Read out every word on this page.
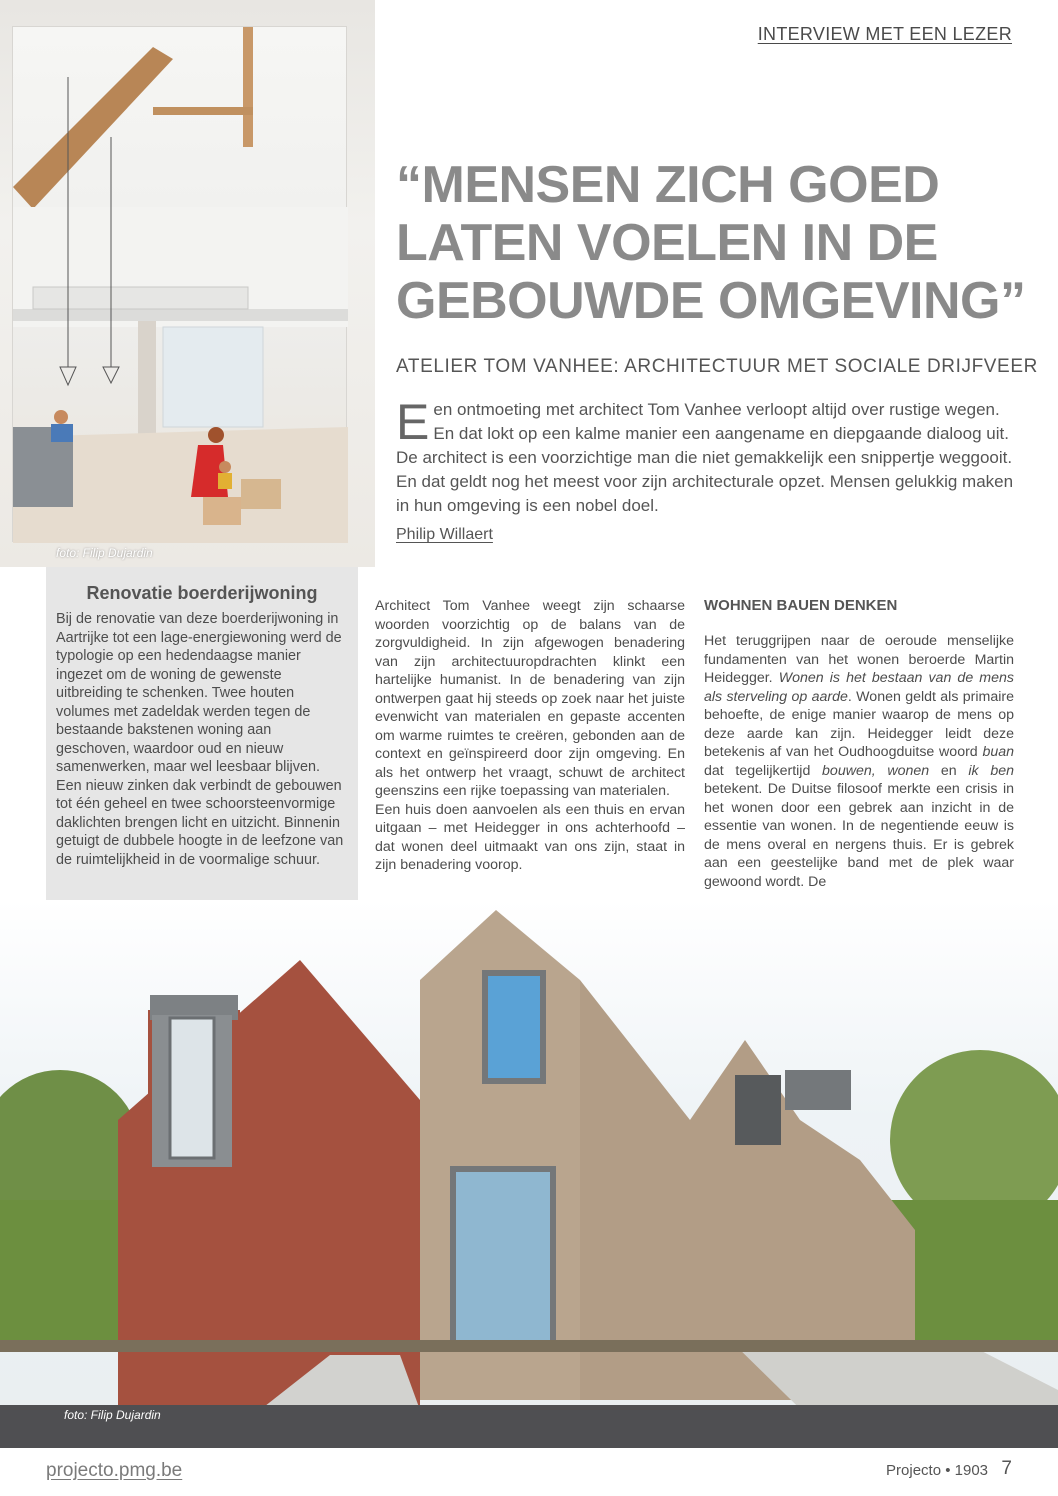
foto: Filip Dujardin
INTERVIEW MET EEN LEZER
“MENSEN ZICH GOED LATEN VOELEN IN DE GEBOUWDE OMGEVING”
ATELIER TOM VANHEE: ARCHITECTUUR MET SOCIALE DRIJFVEER
Een ontmoeting met architect Tom Vanhee verloopt altijd over rustige wegen. En dat lokt op een kalme manier een aangename en diepgaande dialoog uit. De architect is een voorzichtige man die niet gemakkelijk een snippertje weggooit. En dat geldt nog het meest voor zijn architecturale opzet. Mensen gelukkig maken in hun omgeving is een nobel doel.
Philip Willaert
Renovatie boerderijwoning

Bij de renovatie van deze boerderijwoning in Aartrijke tot een lage-energiewoning werd de typologie op een hedendaagse manier ingezet om de woning de gewenste uitbreiding te schenken. Twee houten volumes met zadeldak werden tegen de bestaande bakstenen woning aan geschoven, waardoor oud en nieuw samenwerken, maar wel leesbaar blijven. Een nieuw zinken dak verbindt de gebouwen tot één geheel en twee schoorsteenvormige daklichten brengen licht en uitzicht. Binnenin getuigt de dubbele hoogte in de leefzone van de ruimtelijkheid in de voormalige schuur.

Architect Tom Vanhee weegt zijn schaarse woorden voorzichtig op de balans van de zorgvuldigheid. In zijn afgewogen benadering van zijn architectuuropdrachten klinkt een hartelijke humanist. In de benadering van zijn ontwerpen gaat hij steeds op zoek naar het juiste evenwicht van materialen en gepaste accenten om warme ruimtes te creëren, gebonden aan de context en geïnspireerd door zijn omgeving. En als het ontwerp het vraagt, schuwt de architect geenszins een rijke toepassing van materialen.

Een huis doen aanvoelen als een thuis en ervan uitgaan – met Heidegger in ons achterhoofd – dat wonen deel uitmaakt van ons zijn, staat in zijn benadering voorop.

WOHNEN BAUEN DENKEN

Het teruggrijpen naar de oeroude menselijke fundamenten van het wonen beroerde Martin Heidegger. Wonen is het bestaan van de mens als sterveling op aarde. Wonen geldt als primaire behoefte, de enige manier waarop de mens op deze aarde kan zijn. Heidegger leidt deze betekenis af van het Oudhoogduitse woord buan dat tegelijkertijd bouwen, wonen en ik ben betekent. De Duitse filosoof merkte een crisis in het wonen door een gebrek aan inzicht in de essentie van wonen. In de negentiende eeuw is de mens overal en nergens thuis. Er is gebrek aan een geestelijke band met de plek waar gewoond wordt. De

foto: Filip Dujardin
projecto.pmg.be	Projecto • 1903 7
